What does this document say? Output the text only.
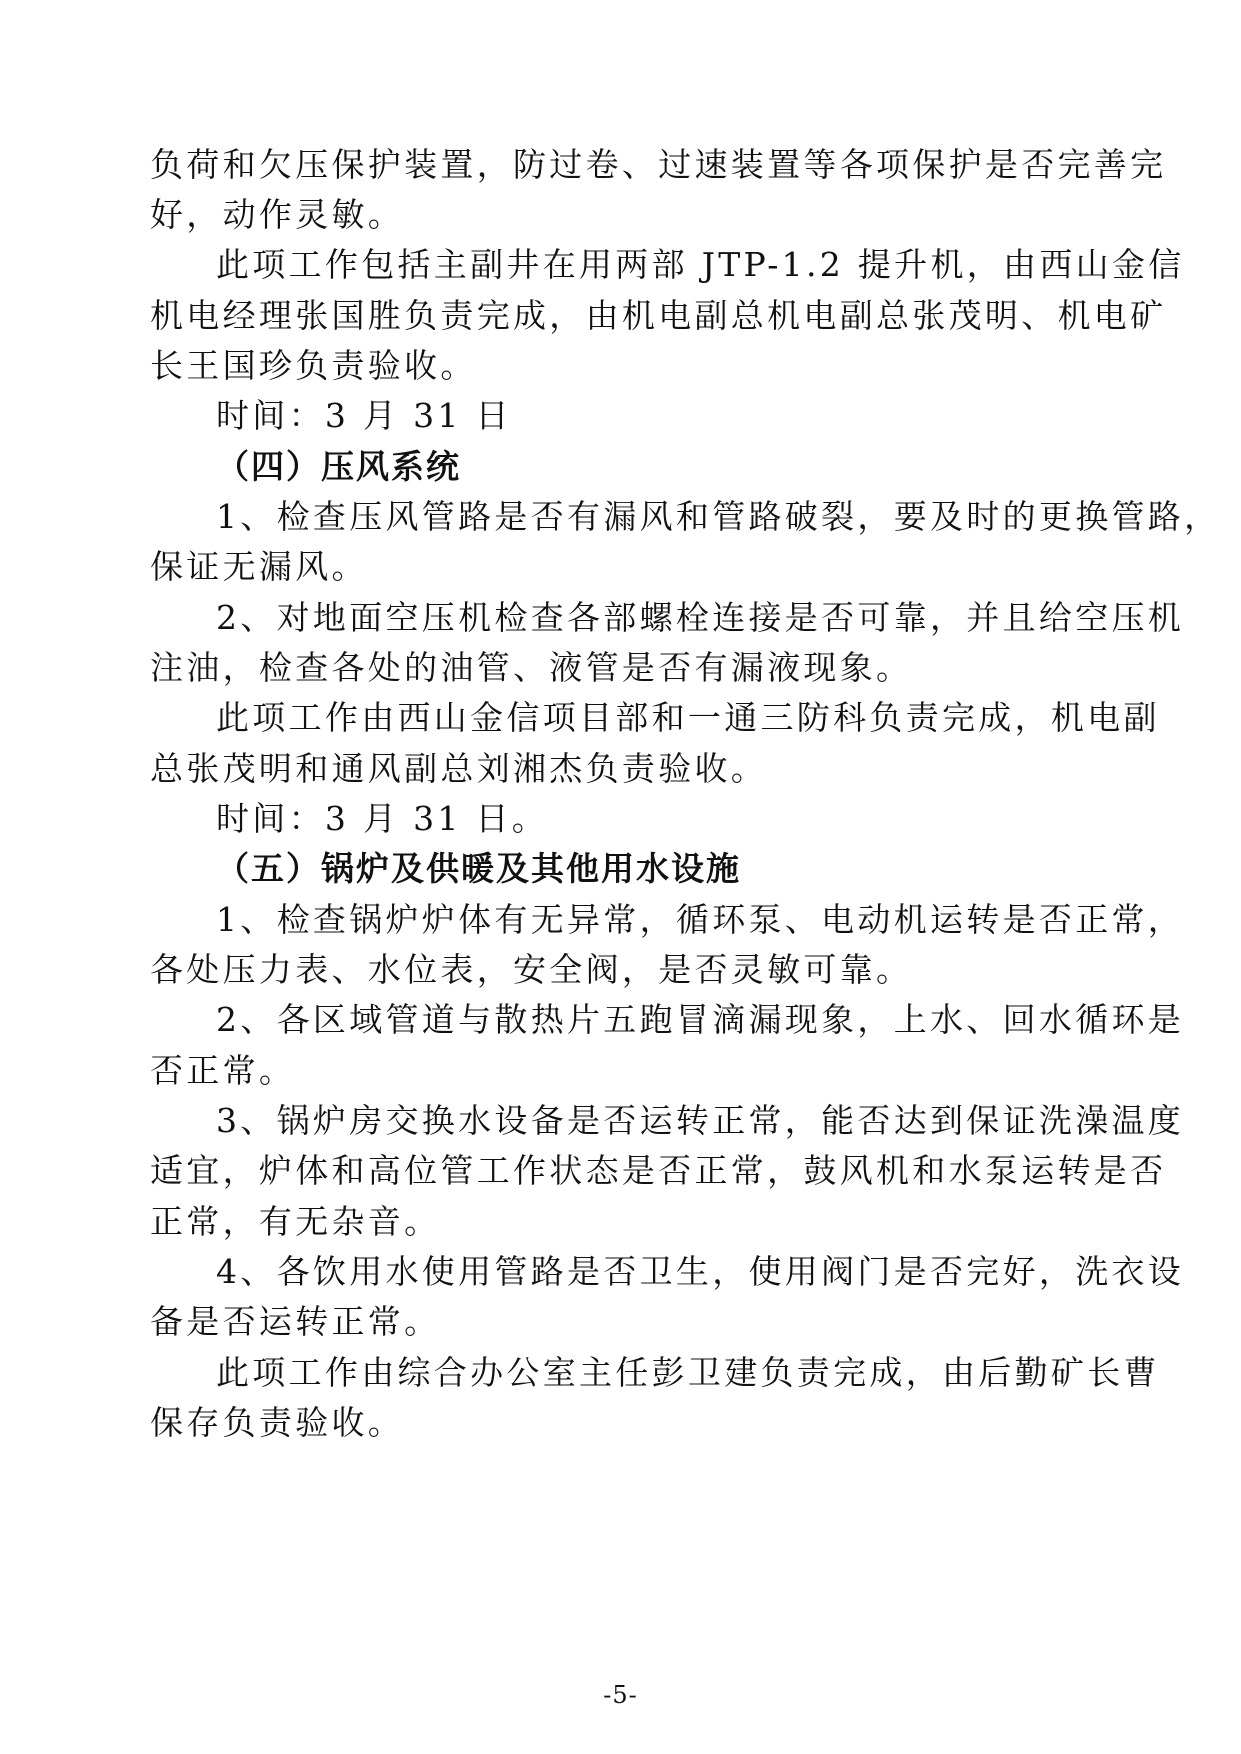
负荷和欠压保护装置，防过卷、过速装置等各项保护是否完善完
好，动作灵敏。
此项工作包括主副井在用两部 JTP-1.2 提升机，由西山金信
机电经理张国胜负责完成，由机电副总机电副总张茂明、机电矿
长王国珍负责验收。
时间：3 月 31 日
（四）压风系统
1、检查压风管路是否有漏风和管路破裂，要及时的更换管路，
保证无漏风。
2、对地面空压机检查各部螺栓连接是否可靠，并且给空压机
注油，检查各处的油管、液管是否有漏液现象。
此项工作由西山金信项目部和一通三防科负责完成，机电副
总张茂明和通风副总刘湘杰负责验收。
时间：3 月 31 日。
（五）锅炉及供暖及其他用水设施
1、检查锅炉炉体有无异常，循环泵、电动机运转是否正常，
各处压力表、水位表，安全阀，是否灵敏可靠。
2、各区域管道与散热片五跑冒滴漏现象，上水、回水循环是
否正常。
3、锅炉房交换水设备是否运转正常，能否达到保证洗澡温度
适宜，炉体和高位管工作状态是否正常，鼓风机和水泵运转是否
正常，有无杂音。
4、各饮用水使用管路是否卫生，使用阀门是否完好，洗衣设
备是否运转正常。
此项工作由综合办公室主任彭卫建负责完成，由后勤矿长曹
保存负责验收。
-5-
